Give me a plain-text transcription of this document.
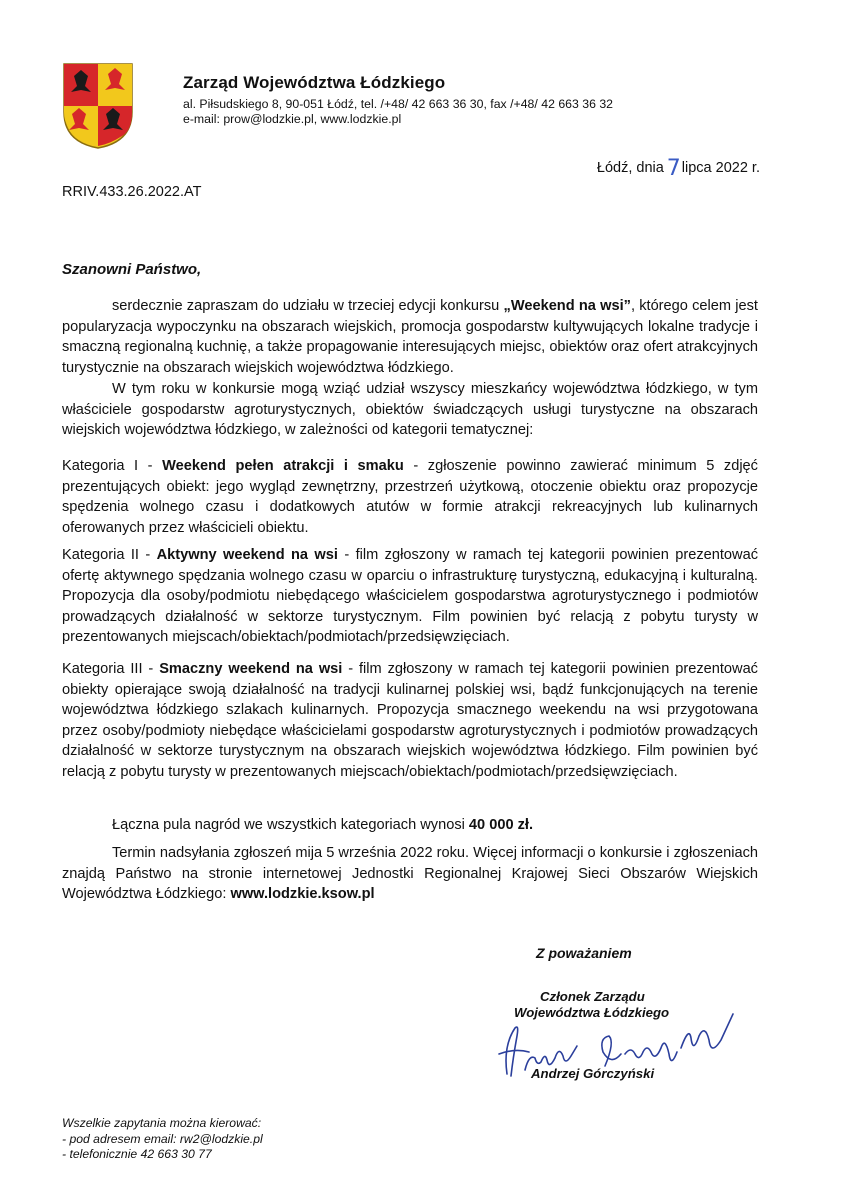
Zarząd Województwa Łódzkiego
al. Piłsudskiego 8, 90-051 Łódź, tel. /+48/ 42 663 36 30, fax /+48/ 42 663 36 32
e-mail: prow@lodzkie.pl, www.lodzkie.pl
Łódź, dnia 7lipca 2022 r.
RRIV.433.26.2022.AT
Szanowni Państwo,

serdecznie zapraszam do udziału w trzeciej edycji konkursu „Weekend na wsi”, którego celem jest popularyzacja wypoczynku na obszarach wiejskich, promocja gospodarstw kultywujących lokalne tradycje i smaczną regionalną kuchnię, a także propagowanie interesujących miejsc, obiektów oraz ofert atrakcyjnych turystycznie na obszarach wiejskich województwa łódzkiego.

W tym roku w konkursie mogą wziąć udział wszyscy mieszkańcy województwa łódzkiego, w tym właściciele gospodarstw agroturystycznych, obiektów świadczących usługi turystyczne na obszarach wiejskich województwa łódzkiego, w zależności od kategorii tematycznej:

Kategoria I - Weekend pełen atrakcji i smaku - zgłoszenie powinno zawierać minimum 5 zdjęć prezentujących obiekt: jego wygląd zewnętrzny, przestrzeń użytkową, otoczenie obiektu oraz propozycje spędzenia wolnego czasu i dodatkowych atutów w formie atrakcji rekreacyjnych lub kulinarnych oferowanych przez właścicieli obiektu.

Kategoria II - Aktywny weekend na wsi - film zgłoszony w ramach tej kategorii powinien prezentować ofertę aktywnego spędzania wolnego czasu w oparciu o infrastrukturę turystyczną, edukacyjną i kulturalną. Propozycja dla osoby/podmiotu niebędącego właścicielem gospodarstwa agroturystycznego i podmiotów prowadzących działalność w sektorze turystycznym. Film powinien być relacją z pobytu turysty w prezentowanych miejscach/obiektach/podmiotach/przedsięwzięciach.

Kategoria III - Smaczny weekend na wsi - film zgłoszony w ramach tej kategorii powinien prezentować obiekty opierające swoją działalność na tradycji kulinarnej polskiej wsi, bądź funkcjonujących na terenie województwa łódzkiego szlakach kulinarnych. Propozycja smacznego weekendu na wsi przygotowana przez osoby/podmioty niebędące właścicielami gospodarstw agroturystycznych i podmiotów prowadzących działalność w sektorze turystycznym na obszarach wiejskich województwa łódzkiego. Film powinien być relacją z pobytu turysty w prezentowanych miejscach/obiektach/podmiotach/przedsięwzięciach.

Łączna pula nagród we wszystkich kategoriach wynosi 40 000 zł.

Termin nadsyłania zgłoszeń mija 5 września 2022 roku. Więcej informacji o konkursie i zgłoszeniach znajdą Państwo na stronie internetowej Jednostki Regionalnej Krajowej Sieci Obszarów Wiejskich Województwa Łódzkiego: www.lodzkie.ksow.pl

Z poważaniem
Członek Zarządu
Województwa Łódzkiego
Andrzej Górczyński
Wszelkie zapytania można kierować:
- pod adresem email: rw2@lodzkie.pl
- telefonicznie 42 663 30 77
